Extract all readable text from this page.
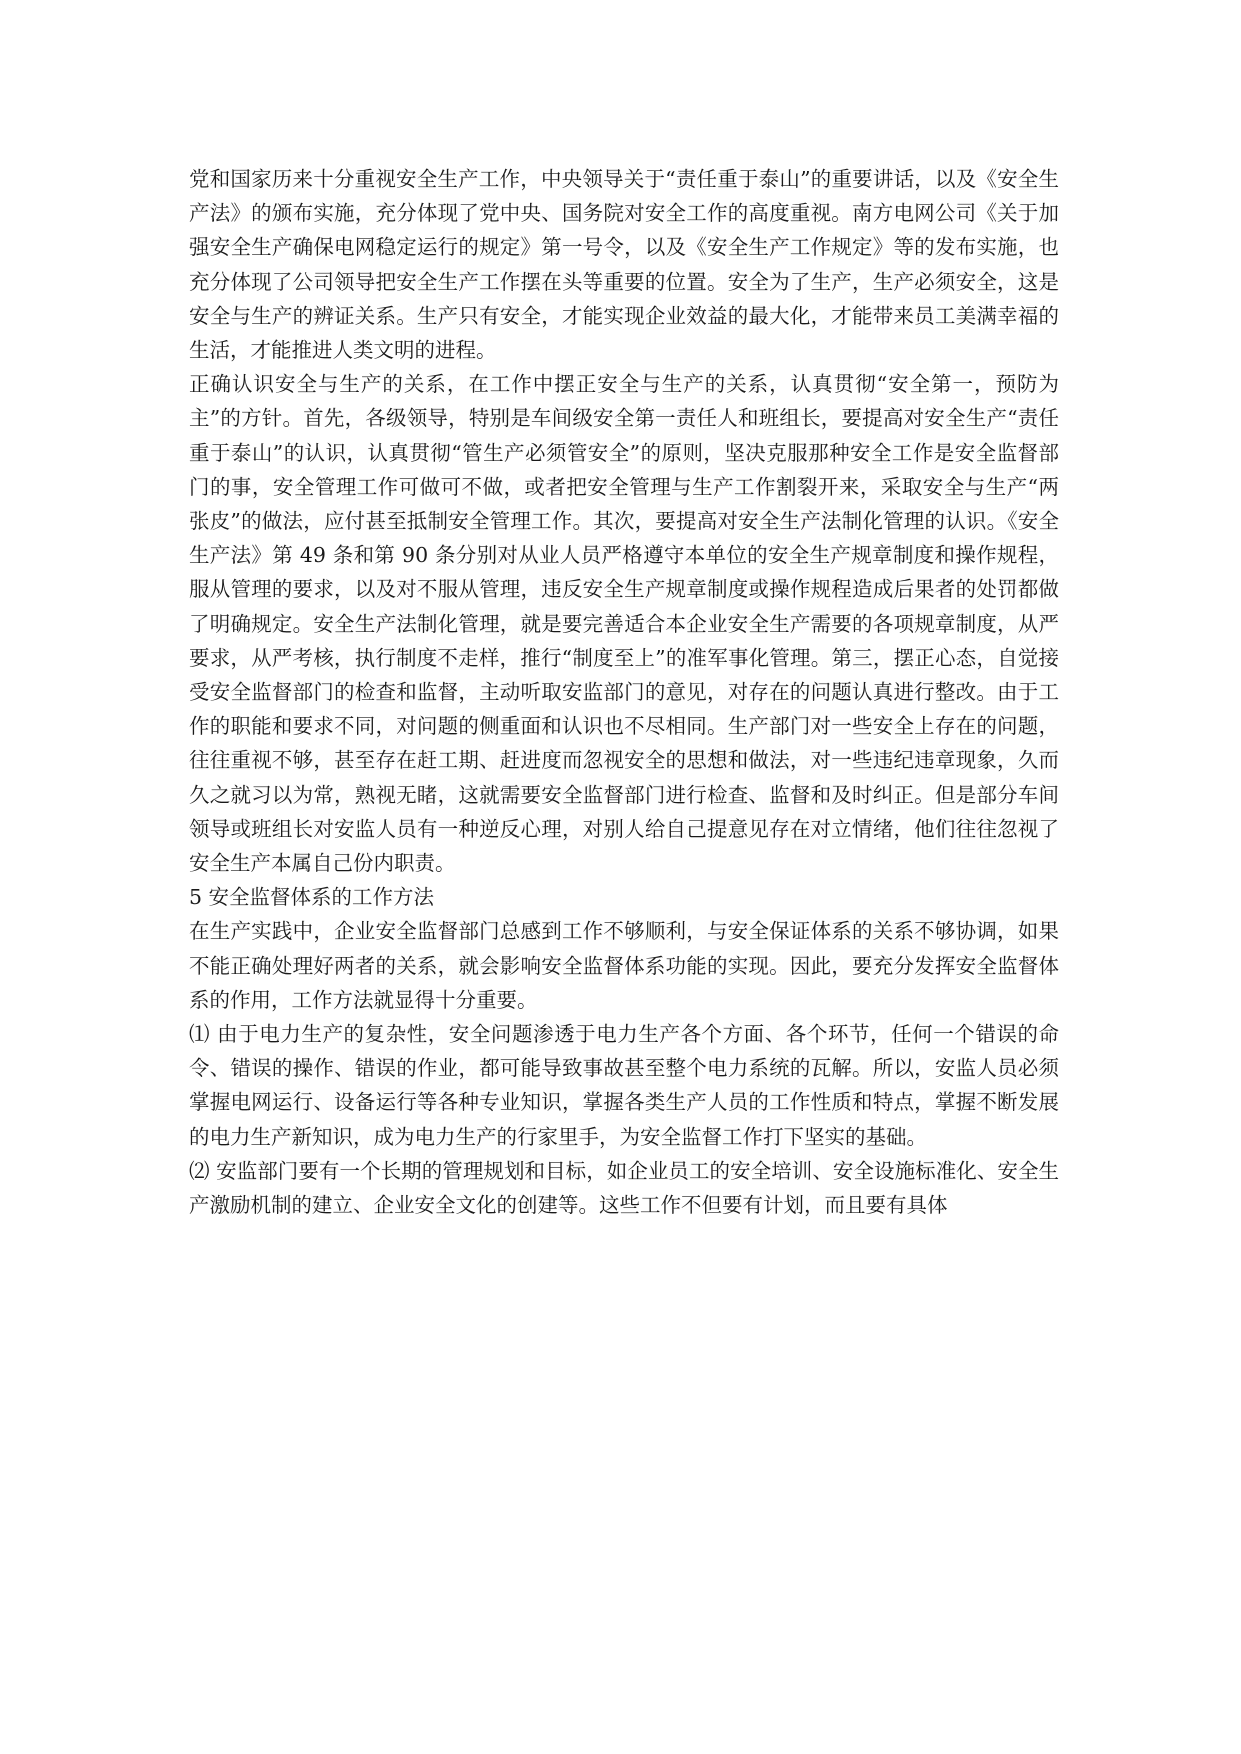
党和国家历来十分重视安全生产工作，中央领导关于“责任重于泰山”的重要讲话，以及《安全生产法》的颁布实施，充分体现了党中央、国务院对安全工作的高度重视。南方电网公司《关于加强安全生产确保电网稳定运行的规定》第一号令，以及《安全生产工作规定》等的发布实施，也充分体现了公司领导把安全生产工作摆在头等重要的位置。安全为了生产，生产必须安全，这是安全与生产的辨证关系。生产只有安全，才能实现企业效益的最大化，才能带来员工美满幸福的生活，才能推进人类文明的进程。

正确认识安全与生产的关系，在工作中摆正安全与生产的关系，认真贯彻“安全第一，预防为主”的方针。首先，各级领导，特别是车间级安全第一责任人和班组长，要提高对安全生产“责任重于泰山”的认识，认真贯彻“管生产必须管安全”的原则，坚决克服那种安全工作是安全监督部门的事，安全管理工作可做可不做，或者把安全管理与生产工作割裂开来，采取安全与生产“两张皮”的做法，应付甚至抵制安全管理工作。其次，要提高对安全生产法制化管理的认识。《安全生产法》第 49 条和第 90 条分别对从业人员严格遵守本单位的安全生产规章制度和操作规程，服从管理的要求，以及对不服从管理，违反安全生产规章制度或操作规程造成后果者的处罚都做了明确规定。安全生产法制化管理，就是要完善适合本企业安全生产需要的各项规章制度，从严要求，从严考核，执行制度不走样，推行“制度至上”的准军事化管理。第三，摆正心态，自觉接受安全监督部门的检查和监督，主动听取安监部门的意见，对存在的问题认真进行整改。由于工作的职能和要求不同，对问题的侧重面和认识也不尽相同。生产部门对一些安全上存在的问题，往往重视不够，甚至存在赶工期、赶进度而忽视安全的思想和做法，对一些违纪违章现象，久而久之就习以为常，熟视无睹，这就需要安全监督部门进行检查、监督和及时纠正。但是部分车间领导或班组长对安监人员有一种逆反心理，对别人给自己提意见存在对立情绪，他们往往忽视了安全生产本属自己份内职责。

5 安全监督体系的工作方法

在生产实践中，企业安全监督部门总感到工作不够顺利，与安全保证体系的关系不够协调，如果不能正确处理好两者的关系，就会影响安全监督体系功能的实现。因此，要充分发挥安全监督体系的作用，工作方法就显得十分重要。

⑴ 由于电力生产的复杂性，安全问题渗透于电力生产各个方面、各个环节，任何一个错误的命令、错误的操作、错误的作业，都可能导致事故甚至整个电力系统的瓦解。所以，安监人员必须掌握电网运行、设备运行等各种专业知识，掌握各类生产人员的工作性质和特点，掌握不断发展的电力生产新知识，成为电力生产的行家里手，为安全监督工作打下坚实的基础。

⑵ 安监部门要有一个长期的管理规划和目标，如企业员工的安全培训、安全设施标准化、安全生产激励机制的建立、企业安全文化的创建等。这些工作不但要有计划，而且要有具体
